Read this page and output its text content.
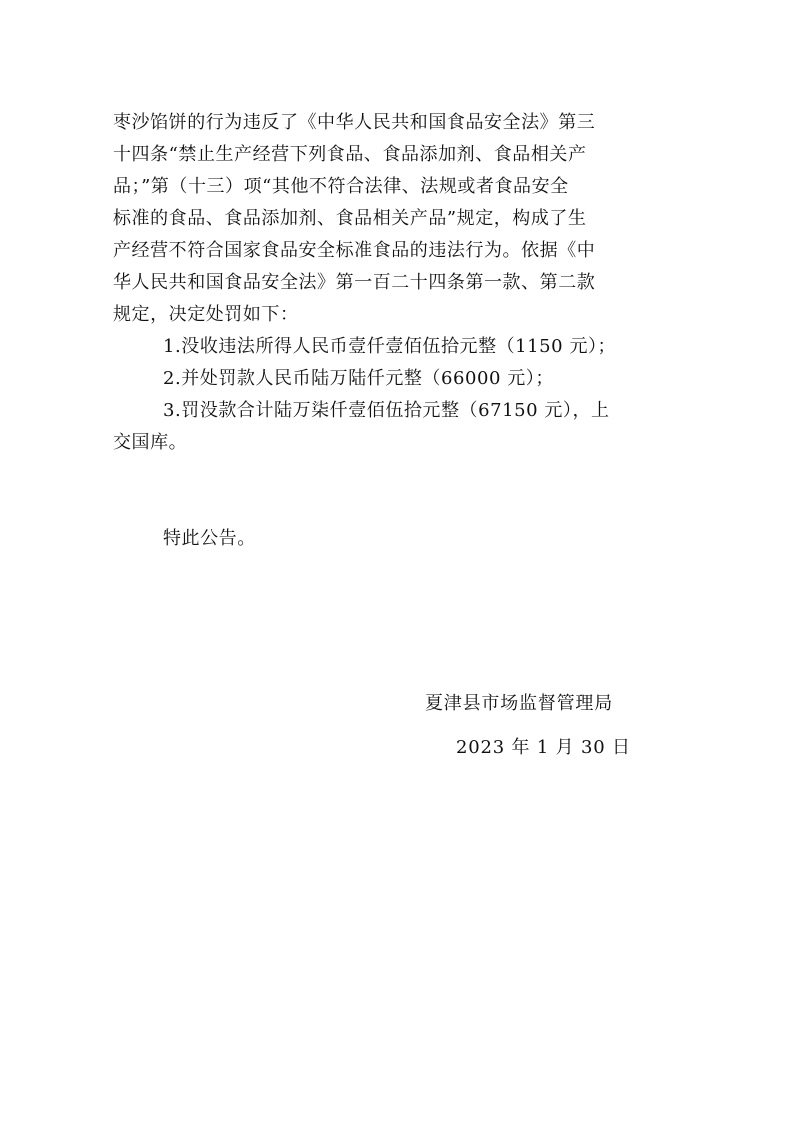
枣沙馅饼的行为违反了《中华人民共和国食品安全法》第三
十四条“禁止生产经营下列食品、食品添加剂、食品相关产
品；”第（十三）项“其他不符合法律、法规或者食品安全
标准的食品、食品添加剂、食品相关产品”规定，构成了生
产经营不符合国家食品安全标准食品的违法行为。依据《中
华人民共和国食品安全法》第一百二十四条第一款、第二款
规定，决定处罚如下：
1.没收违法所得人民币壹仟壹佰伍拾元整（1150 元）；
2.并处罚款人民币陆万陆仟元整（66000 元）；
3.罚没款合计陆万柒仟壹佰伍拾元整（67150 元），上
交国库。
特此公告。
夏津县市场监督管理局
2023 年 1 月 30 日
